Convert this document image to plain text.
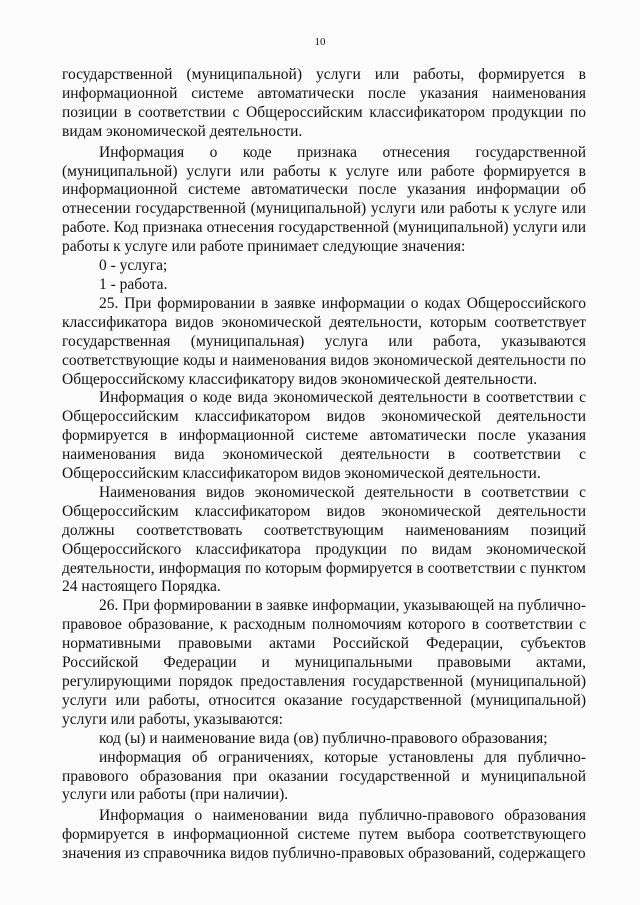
10

государственной (муниципальной) услуги или работы, формируется в информационной системе автоматически после указания наименования позиции в соответствии с Общероссийским классификатором продукции по видам экономической деятельности.

Информация о коде признака отнесения государственной (муниципальной) услуги или работы к услуге или работе формируется в информационной системе автоматически после указания информации об отнесении государственной (муниципальной) услуги или работы к услуге или работе. Код признака отнесения государственной (муниципальной) услуги или работы к услуге или работе принимает следующие значения:

0 - услуга;

1 - работа.

25. При формировании в заявке информации о кодах Общероссийского классификатора видов экономической деятельности, которым соответствует государственная (муниципальная) услуга или работа, указываются соответствующие коды и наименования видов экономической деятельности по Общероссийскому классификатору видов экономической деятельности.

Информация о коде вида экономической деятельности в соответствии с Общероссийским классификатором видов экономической деятельности формируется в информационной системе автоматически после указания наименования вида экономической деятельности в соответствии с Общероссийским классификатором видов экономической деятельности.

Наименования видов экономической деятельности в соответствии с Общероссийским классификатором видов экономической деятельности должны соответствовать соответствующим наименованиям позиций Общероссийского классификатора продукции по видам экономической деятельности, информация по которым формируется в соответствии с пунктом 24 настоящего Порядка.

26. При формировании в заявке информации, указывающей на публично-правовое образование, к расходным полномочиям которого в соответствии с нормативными правовыми актами Российской Федерации, субъектов Российской Федерации и муниципальными правовыми актами, регулирующими порядок предоставления государственной (муниципальной) услуги или работы, относится оказание государственной (муниципальной) услуги или работы, указываются:

код (ы) и наименование вида (ов) публично-правового образования;

информация об ограничениях, которые установлены для публично-правового образования при оказании государственной и муниципальной услуги или работы (при наличии).

Информация о наименовании вида публично-правового образования формируется в информационной системе путем выбора соответствующего значения из справочника видов публично-правовых образований, содержащего
